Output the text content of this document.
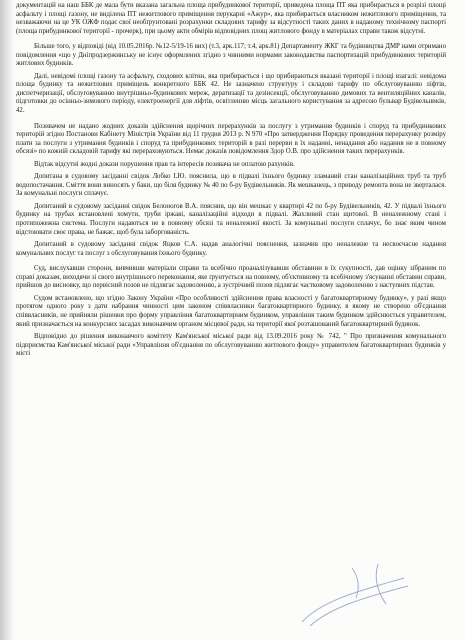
документацій на наш ББК де мала бути вказана загальна площа прибудинкової території, приведена площа ПТ яка прибирається в розрізі площі асфальту і площі газону, не виділена ПТ нежитлового приміщення перукарні «Ажур», яка прибирається власником нежитлового приміщення, та незважаючи на це УК ОЖФ подає свої необґрунтовані розрахунки складових тарифу за відсутності таких даних в наданому технічному паспорті (площа прибудинкової території - прочерк), при цьому акти обмірів відповідних площ житлового фонду в матеріалах справи також відсутні.

Більше того, у відповіді (від 10.05.2016р. №12-5/19-16 вих) (т.3, арк.117; т.4, арк.81) Департаменту ЖКГ та будівництва ДМР нами отримано повідомлення «що у Дніпродзержинську не існує оформлених згідно з чинними нормами законодавства паспортизацій прибудинкових територій житлових будинків.

Далі, невідомі площі газону та асфальту, сходових клітин, яка прибирається і що прибираються вказані території і площі взагалі: невідома площа будинку та нежитлових приміщень конкретного ББК 42. Не зазначено структуру і складові тарифу по обслуговуванню ліфтів, диспетчеризації, обслуговуванню внутрішньо-будинкових мереж, дератизації та дезінсекції, обслуговуванню димових та вентиляційних каналів, підготовки до осінньо-зимового періоду, електроенергії для ліфтів, освітленню місць загального користування за адресою бульвар Будівельників, 42.

Позивачем не надано жодних доказів здійснення щорічних перерахунків за послугу з утримання будинків і споруд та прибудинкових територій згідно Постанови Кабінету Міністрів України від 11 грудня 2013 р. N 970 «Про затвердження Порядку проведення перерахунку розміру плати за послуги з утримання будинків і споруд та прибудинкових територій в разі перерви в їх наданні, ненадання або надання не в повному обсязі» по кожній складовій тарифу які перераховуються. Немає доказів повідомлення Здор О.В. про здійснення таких перерахунків.

Відтак відсутні жодні докази порушення прав та інтересів позивача не оплатою рахунків.

Допитана в судовому засіданні свідок Лобко І.Ю. пояснила, що в підвалі їхнього будинку зламаний стан каналізаційних труб та труб водопостачання. Сміття вони виносять у баки, що біля будинку № 40 по б-ру Будівельників. Як мешканець, з приводу ремонта вона не зверталася. За комунальні послуги сплачує.

Допитаний в судовому засіданні свідок Белоногов В.А. пояснив, що він мешкає у квартирі 42 по б-ру Будівельників, 42. У підвалі їхнього будинку на трубах встановлені хомути, труби іржаві, каналізаційні відходи в підвалі. Жахливий стан щитової. В неналежному стані і протипожежна система. Послуги надаються не в повному обсязі та неналежної якості. За комунальні послуги сплачує, бо знає яким чином відстоювати своє права, не бажає, щоб була заборгованість.

Допитаний в судовому засіданні свідок Яцков С.А. надав аналогічні пояснення, зазначив про неналежне та несвоєчасне надання комунальних послуг та послуг з обслуговування їхнього будинку.

Суд, вислухавши сторони, вивчивши матеріали справи та всебічно проаналізувавши обставини в їх сукупності, дав оцінку зібраним по справі доказам, виходячи зі свого внутрішнього переконання, яке ґрунтується на повному, об'єктивному та всебічному з'ясуванні обставин справи, прийшов до висновку, що первісний позов не підлягає задоволенню, а зустрічний позов підлягає частковому задоволенню з наступних підстав.

Судом встановлено, що згідно Закону України «Про особливості здійснення права власності у багатоквартирному будинку», у разі якщо протягом одного року з дати набрання чинності цим законом співвласники багатоквартирного будинку, в якому не створено об'єднання співвласників, не прийняли рішення про форму управління багатоквартирним будинком, управління таким будинком здійснюється управителем, який призначається на конкурсних засадах виконавчим органом місцевої ради, на території якої розташований багатоквартирний будинок.

Відповідно до рішення виконавчого комітету Кам'янської міської ради від 13.09.2016 року № 742, " Про призначення комунального підприємства Кам'янської міської ради «Управління об'єднання по обслуговуванню житлового фонду» управителем багатоквартирних будинків у місті
